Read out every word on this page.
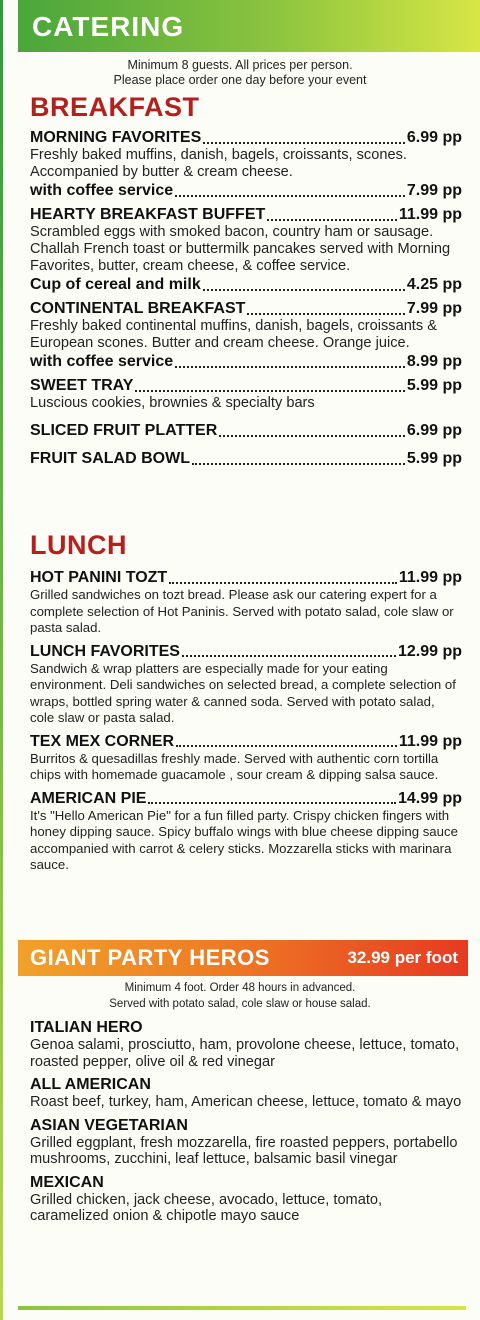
CATERING
Minimum 8 guests. All prices per person.
Please place order one day before your event
BREAKFAST
MORNING FAVORITES	6.99 pp
Freshly baked muffins, danish, bagels, croissants, scones. Accompanied by butter & cream cheese.
with coffee service	7.99 pp
HEARTY BREAKFAST BUFFET	11.99 pp
Scrambled eggs with smoked bacon, country ham or sausage. Challah French toast or buttermilk pancakes served with Morning Favorites, butter, cream cheese, & coffee service.
Cup of cereal and milk	4.25 pp
CONTINENTAL BREAKFAST	7.99 pp
Freshly baked continental muffins, danish, bagels, croissants & European scones. Butter and cream cheese. Orange juice.
with coffee service	8.99 pp
SWEET TRAY	5.99 pp
Luscious cookies, brownies & specialty bars
SLICED FRUIT PLATTER	6.99 pp
FRUIT SALAD BOWL	5.99 pp
LUNCH
HOT PANINI TOZT	11.99 pp
Grilled sandwiches on tozt bread. Please ask our catering expert for a complete selection of Hot Paninis. Served with potato salad, cole slaw or pasta salad.
LUNCH FAVORITES	12.99 pp
Sandwich & wrap platters are especially made for your eating environment. Deli sandwiches on selected bread, a complete selection of wraps, bottled spring water & canned soda. Served with potato salad, cole slaw or pasta salad.
TEX MEX CORNER	11.99 pp
Burritos & quesadillas freshly made. Served with authentic corn tortilla chips with homemade guacamole , sour cream & dipping salsa sauce.
AMERICAN PIE	14.99 pp
It's "Hello American Pie" for a fun filled party. Crispy chicken fingers with honey dipping sauce. Spicy buffalo wings with blue cheese dipping sauce accompanied with carrot & celery sticks. Mozzarella sticks with marinara sauce.
GIANT PARTY HEROS	32.99 per foot
Minimum 4 foot. Order 48 hours in advanced.
Served with potato salad, cole slaw or house salad.
ITALIAN HERO
Genoa salami, prosciutto, ham, provolone cheese, lettuce, tomato, roasted pepper, olive oil & red vinegar
ALL AMERICAN
Roast beef, turkey, ham, American cheese, lettuce, tomato & mayo
ASIAN VEGETARIAN
Grilled eggplant, fresh mozzarella, fire roasted peppers, portabello mushrooms, zucchini, leaf lettuce, balsamic basil vinegar
MEXICAN
Grilled chicken, jack cheese, avocado, lettuce, tomato, caramelized onion & chipotle mayo sauce
